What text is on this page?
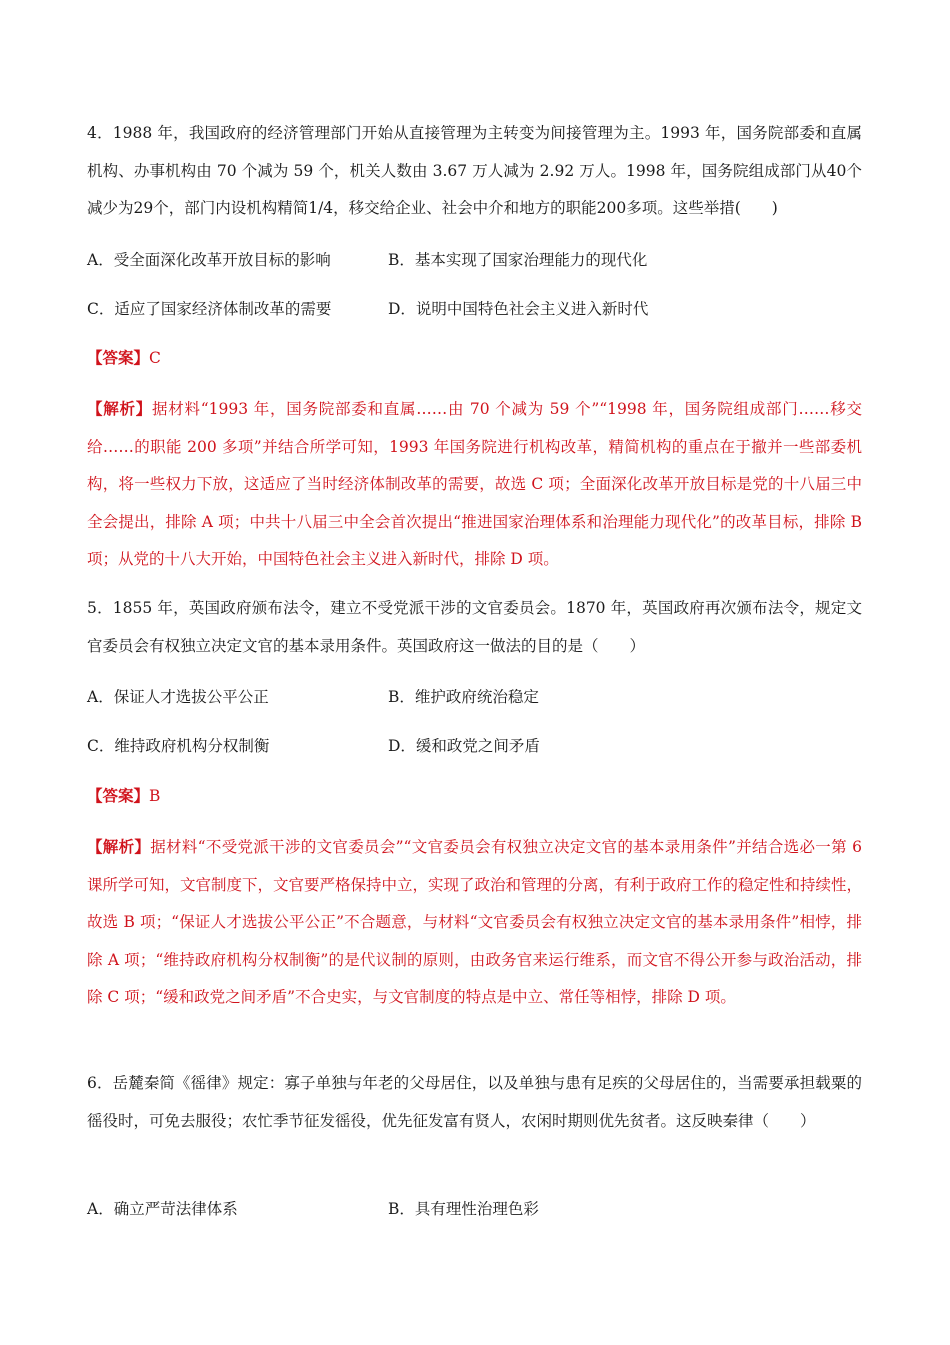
4．1988 年，我国政府的经济管理部门开始从直接管理为主转变为间接管理为主。1993 年，国务院部委和直属机构、办事机构由 70 个减为 59 个，机关人数由 3.67 万人减为 2.92 万人。1998 年，国务院组成部门从40个减少为29个，部门内设机构精简1/4，移交给企业、社会中介和地方的职能200多项。这些举措(　　)
A．受全面深化改革开放目标的影响	B．基本实现了国家治理能力的现代化
C．适应了国家经济体制改革的需要	D．说明中国特色社会主义进入新时代
【答案】C
【解析】据材料“1993 年，国务院部委和直属……由 70 个减为 59 个”“1998 年，国务院组成部门……移交给……的职能 200 多项”并结合所学可知，1993 年国务院进行机构改革，精简机构的重点在于撤并一些部委机构，将一些权力下放，这适应了当时经济体制改革的需要，故选 C 项；全面深化改革开放目标是党的十八届三中全会提出，排除 A 项；中共十八届三中全会首次提出“推进国家治理体系和治理能力现代化”的改革目标，排除 B 项；从党的十八大开始，中国特色社会主义进入新时代，排除 D 项。
5．1855 年，英国政府颁布法令，建立不受党派干涉的文官委员会。1870 年，英国政府再次颁布法令，规定文官委员会有权独立决定文官的基本录用条件。英国政府这一做法的目的是（　　）
A．保证人才选拔公平公正	B．维护政府统治稳定
C．维持政府机构分权制衡	D．缓和政党之间矛盾
【答案】B
【解析】据材料“不受党派干涉的文官委员会”“文官委员会有权独立决定文官的基本录用条件”并结合选必一第 6 课所学可知，文官制度下，文官要严格保持中立，实现了政治和管理的分离，有利于政府工作的稳定性和持续性，故选 B 项；“保证人才选拔公平公正”不合题意，与材料“文官委员会有权独立决定文官的基本录用条件”相悖，排除 A 项；“维持政府机构分权制衡”的是代议制的原则，由政务官来运行维系，而文官不得公开参与政治活动，排除 C 项；“缓和政党之间矛盾”不合史实，与文官制度的特点是中立、常任等相悖，排除 D 项。
6．岳麓秦简《徭律》规定：寡子单独与年老的父母居住，以及单独与患有足疾的父母居住的，当需要承担载粟的徭役时，可免去服役；农忙季节征发徭役，优先征发富有贤人，农闲时期则优先贫者。这反映秦律（　　）
A．确立严苛法律体系	B．具有理性治理色彩
